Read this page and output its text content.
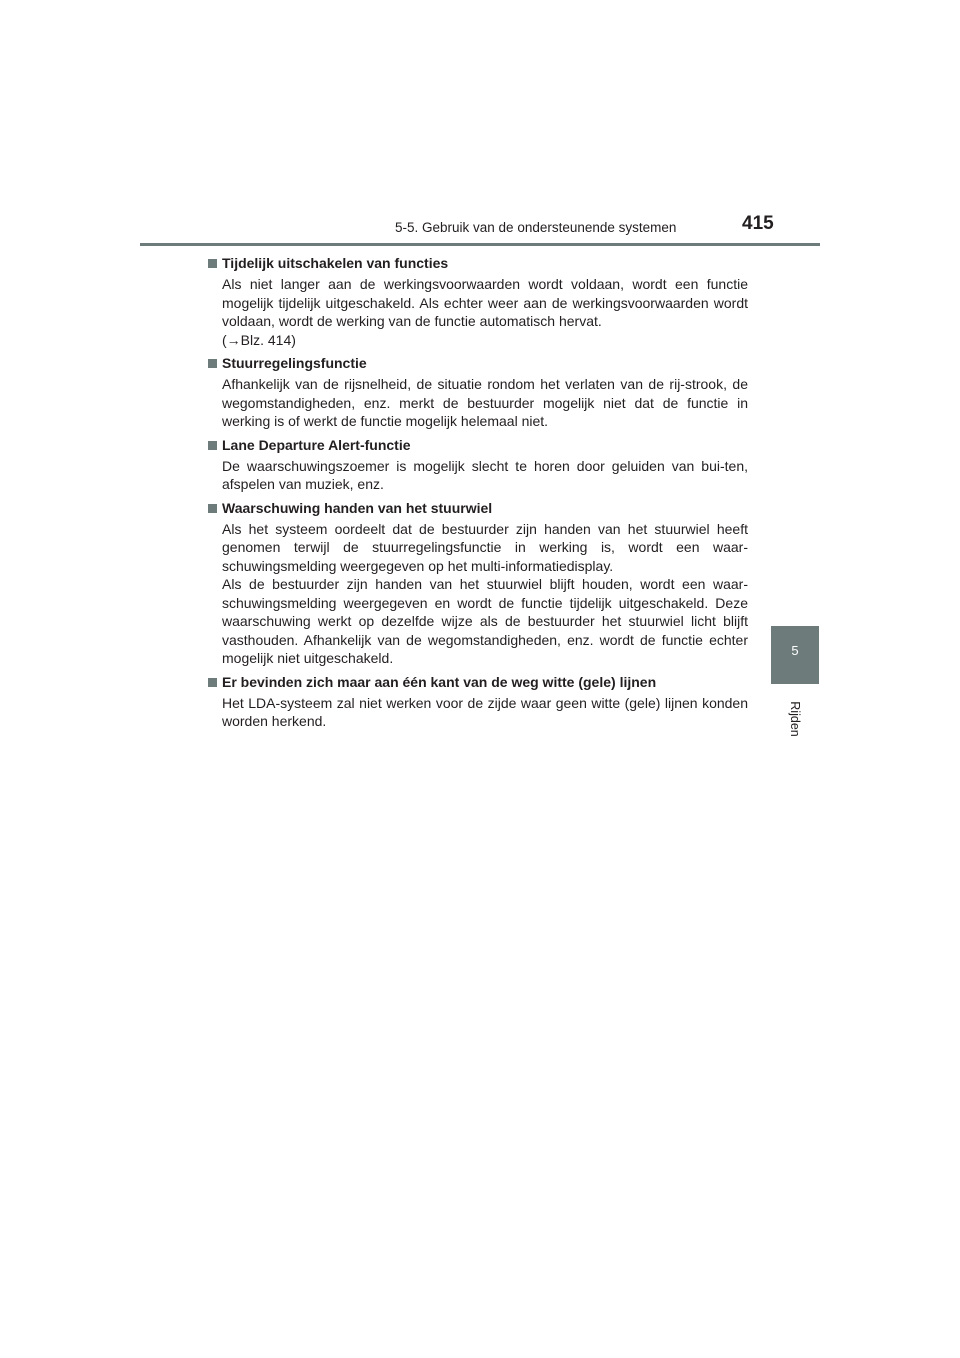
5-5. Gebruik van de ondersteunende systemen	415
5
Rijden
Tijdelijk uitschakelen van functies

Als niet langer aan de werkingsvoorwaarden wordt voldaan, wordt een functie mogelijk tijdelijk uitgeschakeld. Als echter weer aan de werkingsvoorwaarden wordt voldaan, wordt de werking van de functie automatisch hervat.

(→Blz. 414)

Stuurregelingsfunctie

Afhankelijk van de rijsnelheid, de situatie rondom het verlaten van de rij-strook, de wegomstandigheden, enz. merkt de bestuurder mogelijk niet dat de functie in werking is of werkt de functie mogelijk helemaal niet.

Lane Departure Alert-functie

De waarschuwingszoemer is mogelijk slecht te horen door geluiden van bui-ten, afspelen van muziek, enz.

Waarschuwing handen van het stuurwiel

Als het systeem oordeelt dat de bestuurder zijn handen van het stuurwiel heeft genomen terwijl de stuurregelingsfunctie in werking is, wordt een waar-schuwingsmelding weergegeven op het multi-informatiedisplay.

Als de bestuurder zijn handen van het stuurwiel blijft houden, wordt een waar-schuwingsmelding weergegeven en wordt de functie tijdelijk uitgeschakeld. Deze waarschuwing werkt op dezelfde wijze als de bestuurder het stuurwiel licht blijft vasthouden. Afhankelijk van de wegomstandigheden, enz. wordt de functie echter mogelijk niet uitgeschakeld.

Er bevinden zich maar aan één kant van de weg witte (gele) lijnen

Het LDA-systeem zal niet werken voor de zijde waar geen witte (gele) lijnen konden worden herkend.
